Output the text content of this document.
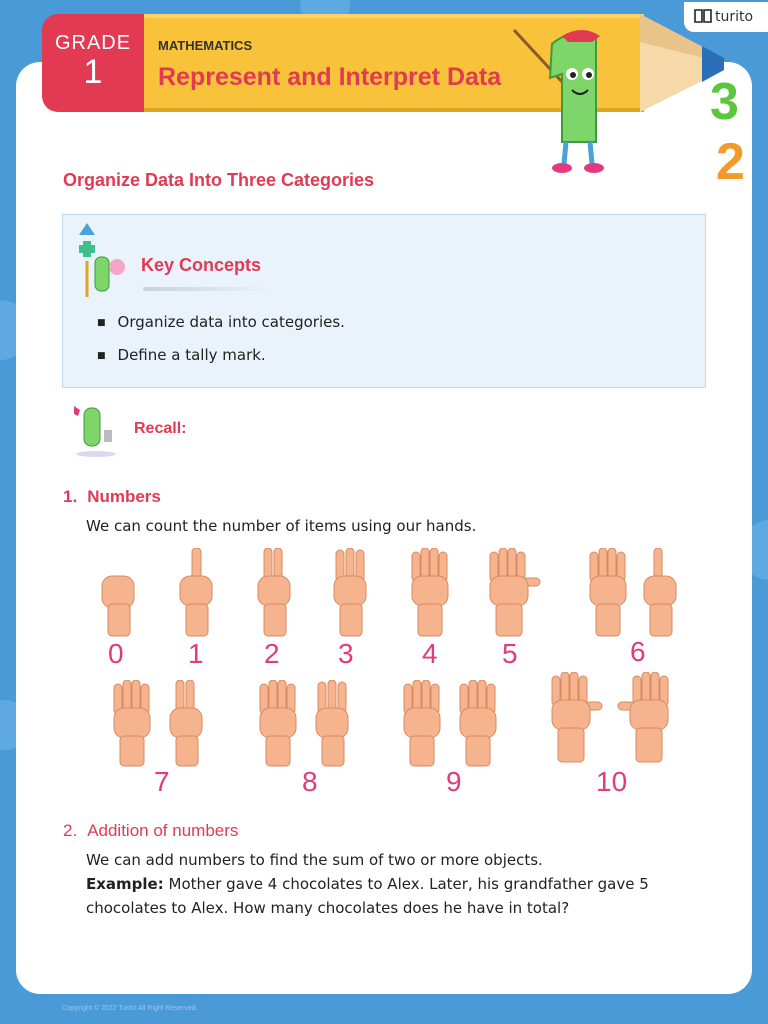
GRADE
1
MATHEMATICS
Represent and Interpret Data
turito
3
2
Organize Data Into Three Categories
Key Concepts
■ Organize data into categories.
■ Define a tally mark.
Recall:
1. Numbers
We can count the number of items using our hands.
0 1 2 3 4 5	6
7	8	9	10
2. Addition of numbers
We can add numbers to find the sum of two or more objects.
Example: Mother gave 4 chocolates to Alex. Later, his grandfather gave 5 chocolates to Alex. How many chocolates does he have in total?
Copyright © 2022 Turito All Right Reserved.
